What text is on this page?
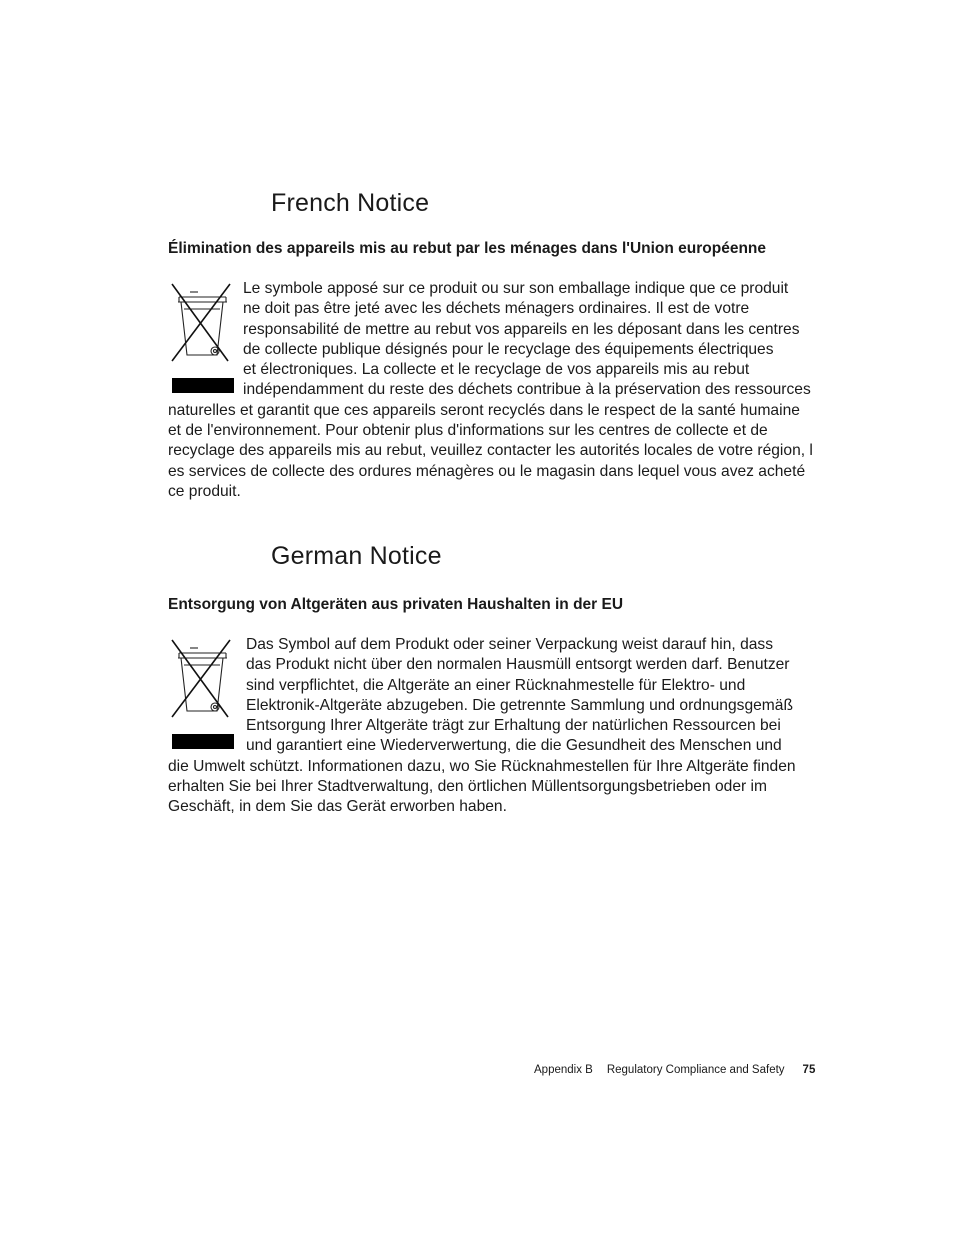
French Notice
Élimination des appareils mis au rebut par les ménages dans l'Union européenne

Le symbole apposé sur ce produit ou sur son emballage indique que ce produit
ne doit pas être jeté avec les déchets ménagers ordinaires. Il est de votre
responsabilité de mettre au rebut vos appareils en les déposant dans les centres
de collecte publique désignés pour le recyclage des équipements électriques
et électroniques. La collecte et le recyclage de vos appareils mis au rebut
indépendamment du reste des déchets contribue à la préservation des ressources
naturelles et garantit que ces appareils seront recyclés dans le respect de la santé humaine
et de l'environnement. Pour obtenir plus d'informations sur les centres de collecte et de
recyclage des appareils mis au rebut, veuillez contacter les autorités locales de votre région, l
es services de collecte des ordures ménagères ou le magasin dans lequel vous avez acheté
ce produit.

German Notice
Entsorgung von Altgeräten aus privaten Haushalten in der EU

Das Symbol auf dem Produkt oder seiner Verpackung weist darauf hin, dass
das Produkt nicht über den normalen Hausmüll entsorgt werden darf. Benutzer
sind verpflichtet, die Altgeräte an einer Rücknahmestelle für Elektro- und
Elektronik-Altgeräte abzugeben. Die getrennte Sammlung und ordnungsgemäß
Entsorgung Ihrer Altgeräte trägt zur Erhaltung der natürlichen Ressourcen bei
und garantiert eine Wiederverwertung, die die Gesundheit des Menschen und
die Umwelt schützt. Informationen dazu, wo Sie Rücknahmestellen für Ihre Altgeräte finden
erhalten Sie bei Ihrer Stadtverwaltung, den örtlichen Müllentsorgungsbetrieben oder im
Geschäft, in dem Sie das Gerät erworben haben.

Appendix B Regulatory Compliance and Safety 75
